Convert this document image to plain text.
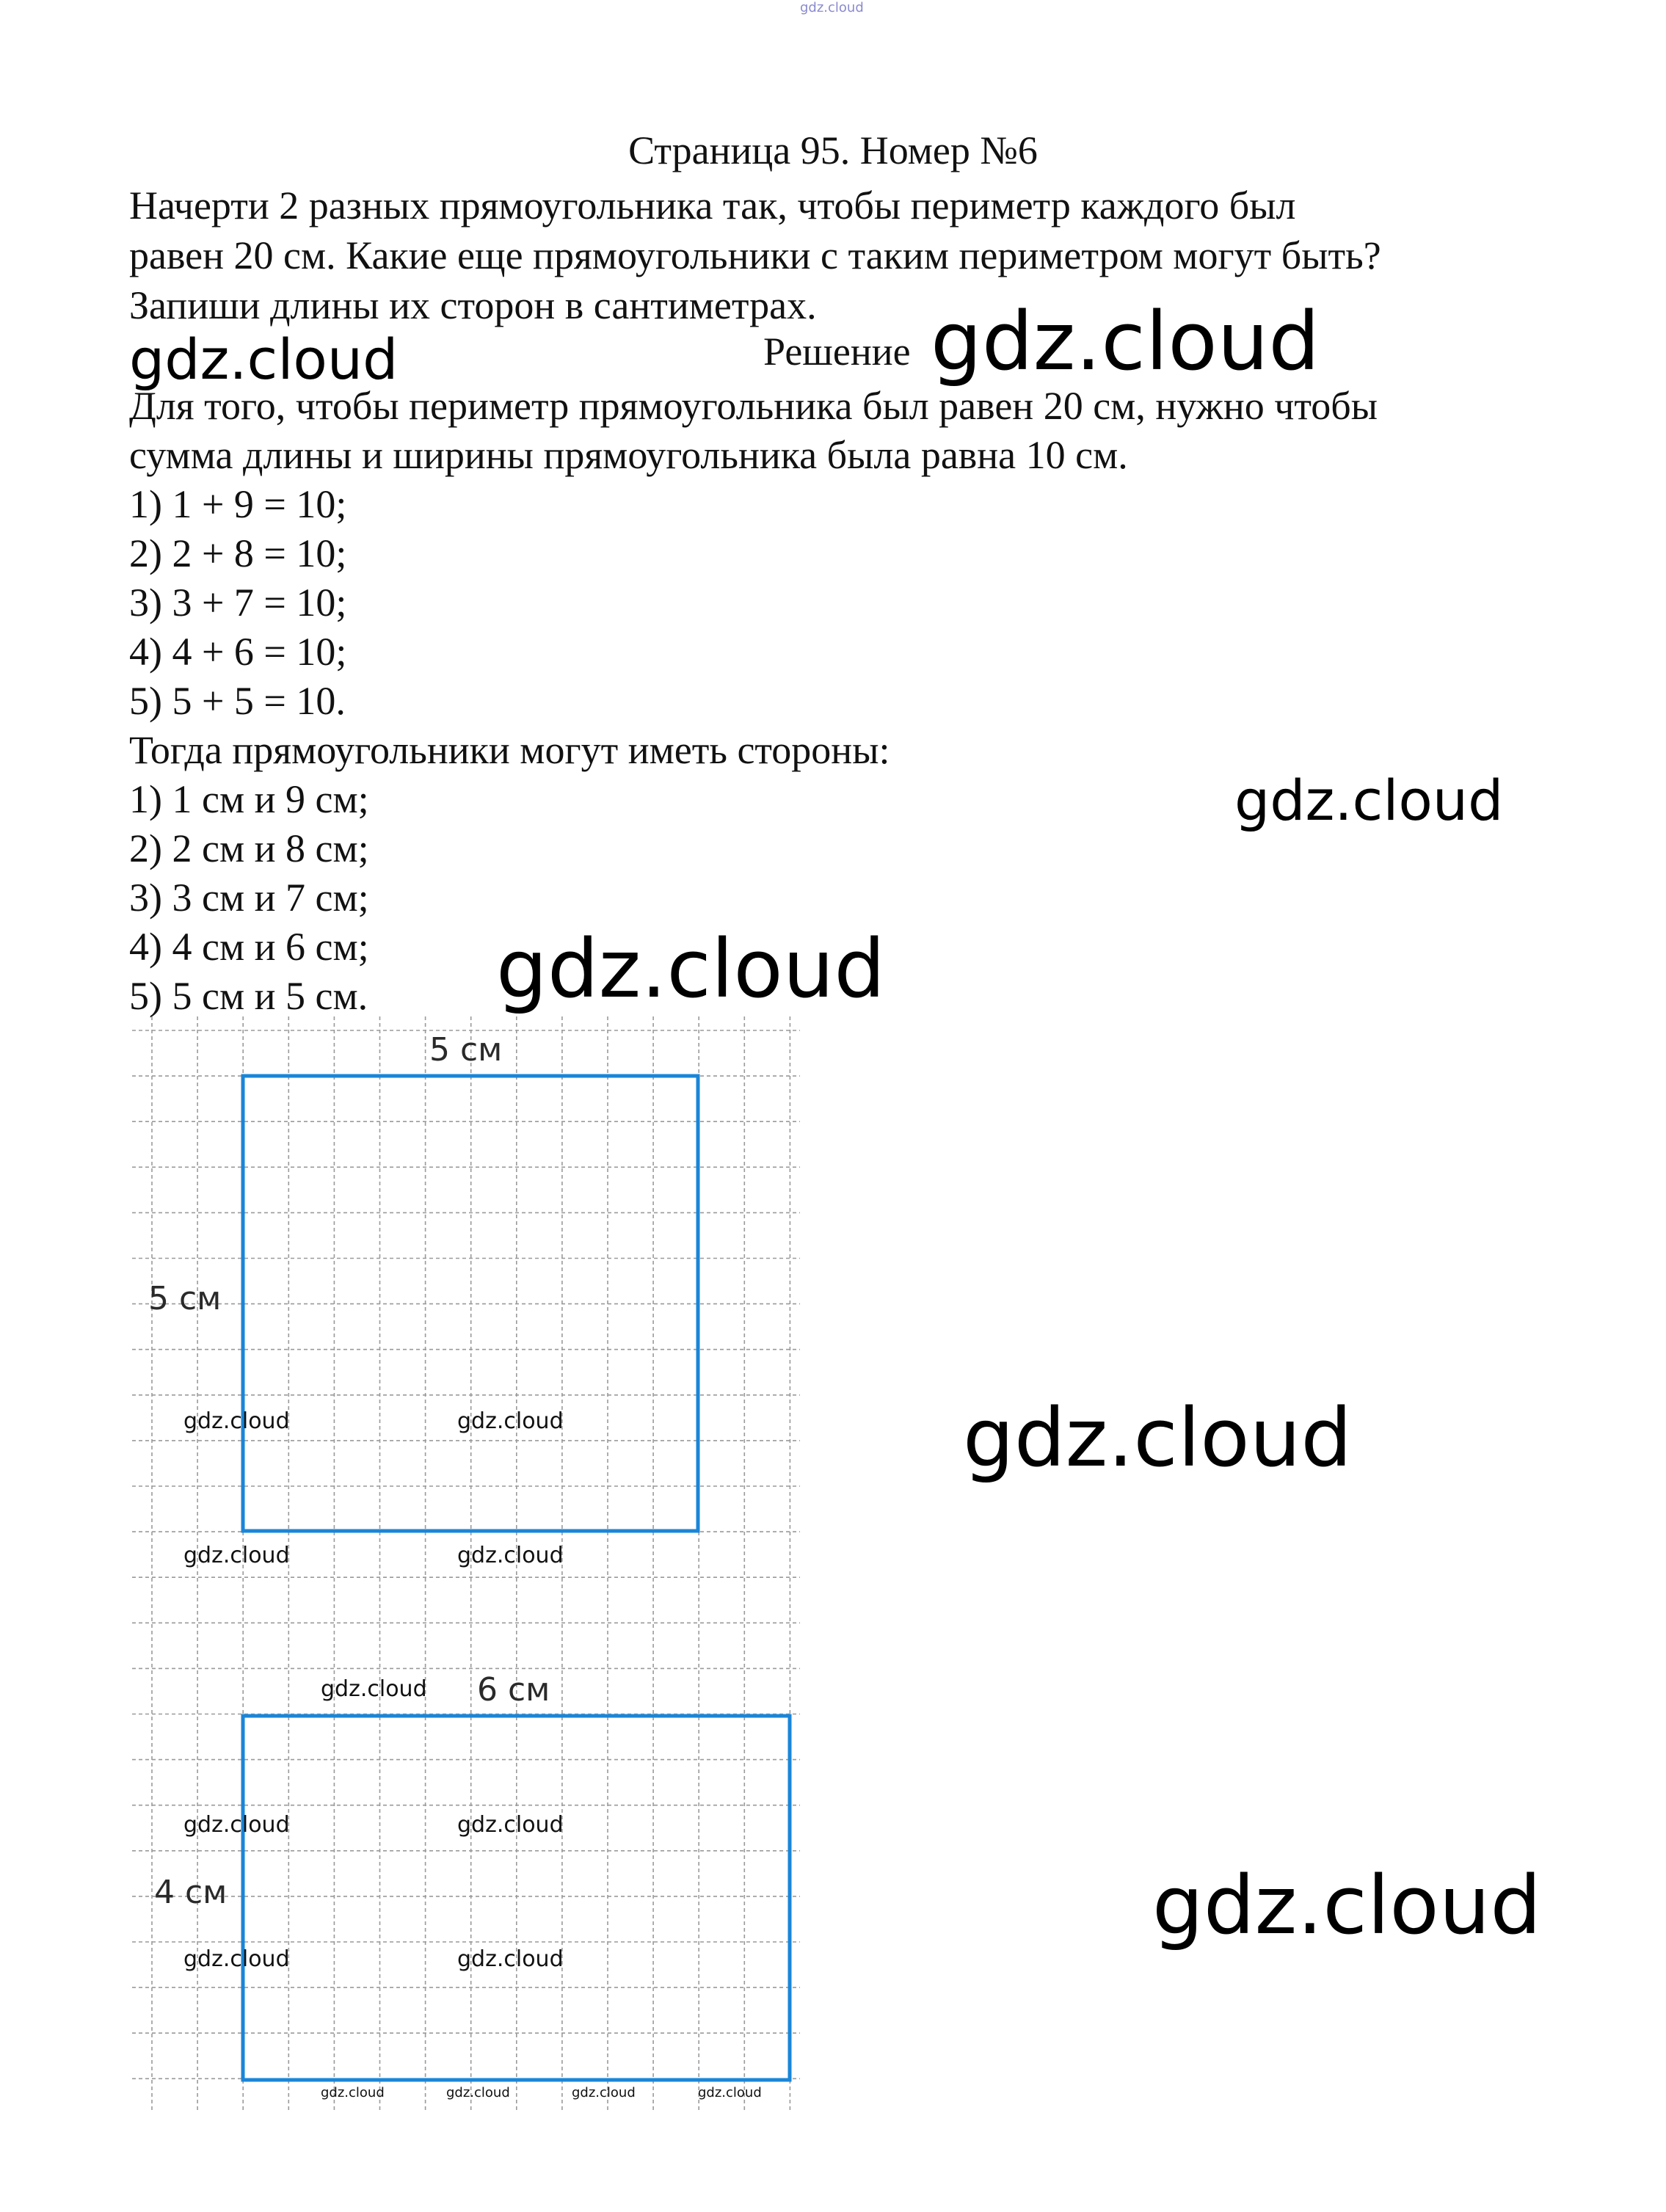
gdz.cloud
Страница 95. Номер №6
Начерти 2 разных прямоугольника так, чтобы периметр каждого был
равен 20 см. Какие еще прямоугольники с таким периметром могут быть?
Запиши длины их сторон в сантиметрах.
gdz.cloud	Решение gdz.cloud
Для того, чтобы периметр прямоугольника был равен 20 см, нужно чтобы
сумма длины и ширины прямоугольника была равна 10 см.
1) 1 + 9 = 10;
2) 2 + 8 = 10;
3) 3 + 7 = 10;
4) 4 + 6 = 10;
5) 5 + 5 = 10.
Тогда прямоугольники могут иметь стороны:
1) 1 см и 9 см;
2) 2 см и 8 см;
3) 3 см и 7 см;
4) 4 см и 6 см;
5) 5 см и 5 см.
gdz.cloud
gdz.cloud
gdz.cloud
gdz.cloud
5 см
5 см
6 см
4 см
gdz.cloud	gdz.cloud
gdz.cloud	gdz.cloud
gdz.cloud
gdz.cloud	gdz.cloud
gdz.cloud	gdz.cloud
gdz.cloud	gdz.cloud	gdz.cloud	gdz.cloud
